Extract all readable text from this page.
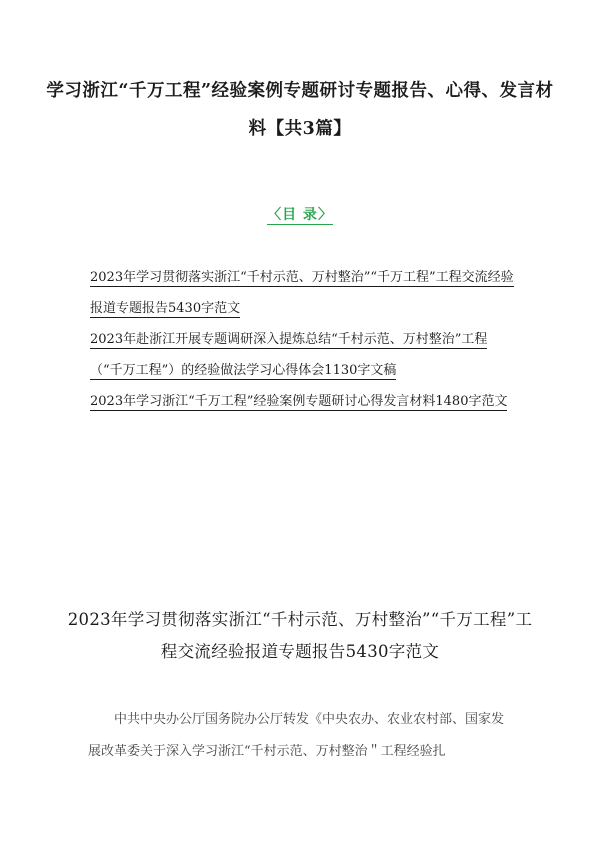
学习浙江“千万工程”经验案例专题研讨专题报告、心得、发言材料【共3篇】
〈目 录〉
2023年学习贯彻落实浙江“千村示范、万村整治”“千万工程”工程交流经验报道专题报告5430字范文
2023年赴浙江开展专题调研深入提炼总结“千村示范、万村整治”工程（“千万工程”）的经验做法学习心得体会1130字文稿
2023年学习浙江“千万工程”经验案例专题研讨心得发言材料1480字范文
2023年学习贯彻落实浙江“千村示范、万村整治”“千万工程”工程交流经验报道专题报告5430字范文
中共中央办公厅国务院办公厅转发《中央农办、农业农村部、国家发展改革委关于深入学习浙江“千村示范、万村整治＂工程经验扎
